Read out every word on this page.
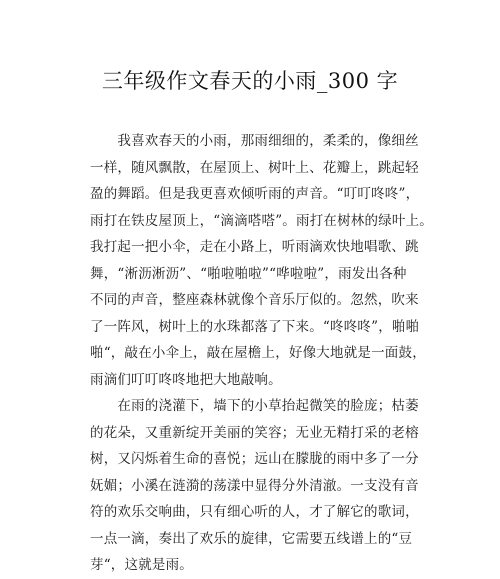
三年级作文春天的小雨_300 字
　　我喜欢春天的小雨，那雨细细的，柔柔的，像细丝
一样，随风飘散，在屋顶上、树叶上、花瓣上，跳起轻
盈的舞蹈。但是我更喜欢倾听雨的声音。“叮叮咚咚”，
雨打在铁皮屋顶上，“滴滴嗒嗒”。雨打在树林的绿叶上。
我打起一把小伞，走在小路上，听雨滴欢快地唱歌、跳
舞，“淅沥淅沥”、“啪啦啪啦”“哗啦啦”，雨发出各种
不同的声音，整座森林就像个音乐厅似的。忽然，吹来
了一阵风，树叶上的水珠都落了下来。“咚咚咚”，啪啪
啪“，敲在小伞上，敲在屋檐上，好像大地就是一面鼓，
雨滴们叮叮咚咚地把大地敲响。
　　在雨的浇灌下，墙下的小草抬起微笑的脸庞；枯萎
的花朵，又重新绽开美丽的笑容；无业无精打采的老榕
树，又闪烁着生命的喜悦；远山在朦胧的雨中多了一分
妩媚；小溪在涟漪的荡漾中显得分外清澈。一支没有音
符的欢乐交响曲，只有细心听的人，才了解它的歌词，
一点一滴，奏出了欢乐的旋律，它需要五线谱上的“豆
芽“，这就是雨。
